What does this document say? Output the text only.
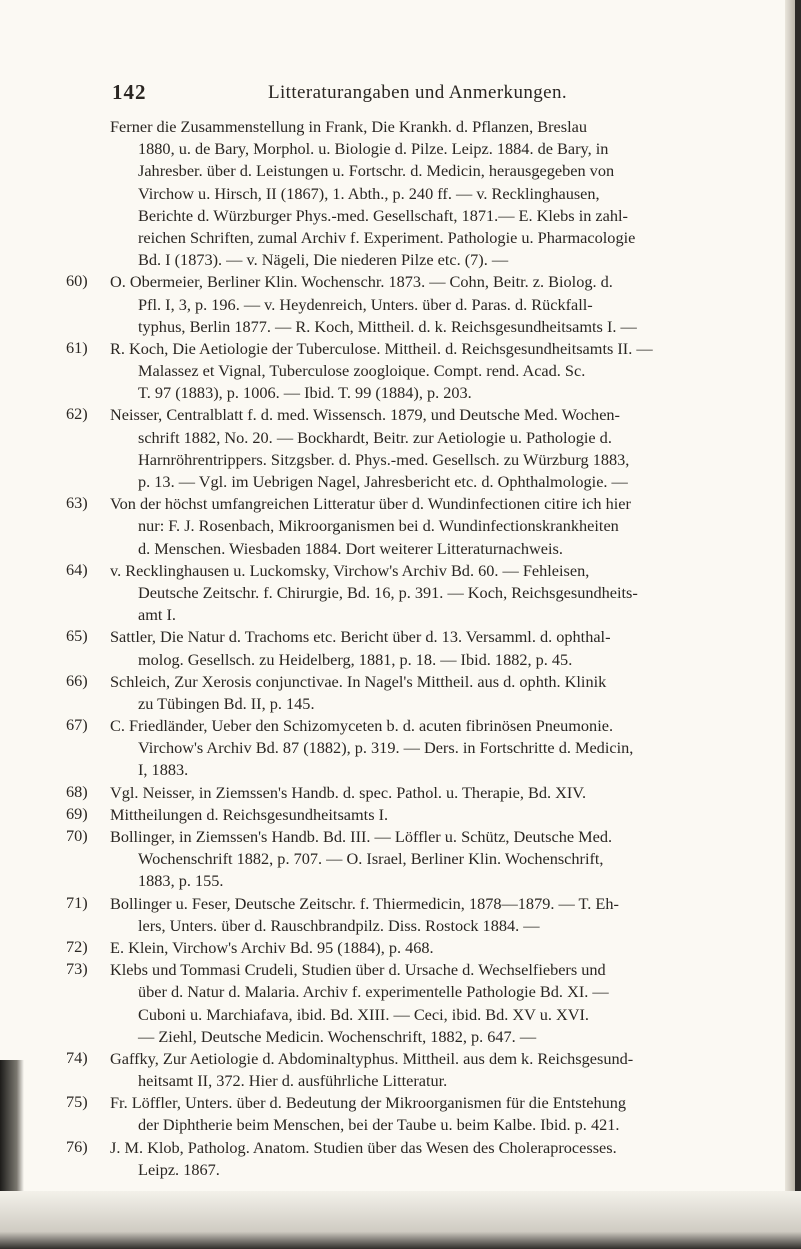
142	Litteraturangaben und Anmerkungen.
Ferner die Zusammenstellung in Frank, Die Krankh. d. Pflanzen, Breslau
1880, u. de Bary, Morphol. u. Biologie d. Pilze. Leipz. 1884. de Bary, in
Jahresber. über d. Leistungen u. Fortschr. d. Medicin, herausgegeben von
Virchow u. Hirsch, II (1867), 1. Abth., p. 240 ff. — v. Recklinghausen,
Berichte d. Würzburger Phys.-med. Gesellschaft, 1871.— E. Klebs in zahl-
reichen Schriften, zumal Archiv f. Experiment. Pathologie u. Pharmacologie
Bd. I (1873). — v. Nägeli, Die niederen Pilze etc. (7). —
60)	O. Obermeier, Berliner Klin. Wochenschr. 1873. — Cohn, Beitr. z. Biolog. d.
Pfl. I, 3, p. 196. — v. Heydenreich, Unters. über d. Paras. d. Rückfall-
typhus, Berlin 1877. — R. Koch, Mittheil. d. k. Reichsgesundheitsamts I. —
61)	R. Koch, Die Aetiologie der Tuberculose. Mittheil. d. Reichsgesundheitsamts II. —
Malassez et Vignal, Tuberculose zoogloique. Compt. rend. Acad. Sc.
T. 97 (1883), p. 1006. — Ibid. T. 99 (1884), p. 203.
62)	Neisser, Centralblatt f. d. med. Wissensch. 1879, und Deutsche Med. Wochen-
schrift 1882, No. 20. — Bockhardt, Beitr. zur Aetiologie u. Pathologie d.
Harnröhrentrippers. Sitzgsber. d. Phys.-med. Gesellsch. zu Würzburg 1883,
p. 13. — Vgl. im Uebrigen Nagel, Jahresbericht etc. d. Ophthalmologie. —
63)	Von der höchst umfangreichen Litteratur über d. Wundinfectionen citire ich hier
nur: F. J. Rosenbach, Mikroorganismen bei d. Wundinfectionskrankheiten
d. Menschen. Wiesbaden 1884. Dort weiterer Litteraturnachweis.
64)	v. Recklinghausen u. Luckomsky, Virchow's Archiv Bd. 60. — Fehleisen,
Deutsche Zeitschr. f. Chirurgie, Bd. 16, p. 391. — Koch, Reichsgesundheits-
amt I.
65)	Sattler, Die Natur d. Trachoms etc. Bericht über d. 13. Versamml. d. ophthal-
molog. Gesellsch. zu Heidelberg, 1881, p. 18. — Ibid. 1882, p. 45.
66)	Schleich, Zur Xerosis conjunctivae. In Nagel's Mittheil. aus d. ophth. Klinik
zu Tübingen Bd. II, p. 145.
67)	C. Friedländer, Ueber den Schizomyceten b. d. acuten fibrinösen Pneumonie.
Virchow's Archiv Bd. 87 (1882), p. 319. — Ders. in Fortschritte d. Medicin,
I, 1883.
68)	Vgl. Neisser, in Ziemssen's Handb. d. spec. Pathol. u. Therapie, Bd. XIV.
69)	Mittheilungen d. Reichsgesundheitsamts I.
70)	Bollinger, in Ziemssen's Handb. Bd. III. — Löffler u. Schütz, Deutsche Med.
Wochenschrift 1882, p. 707. — O. Israel, Berliner Klin. Wochenschrift,
1883, p. 155.
71)	Bollinger u. Feser, Deutsche Zeitschr. f. Thiermedicin, 1878—1879. — T. Eh-
lers, Unters. über d. Rauschbrandpilz. Diss. Rostock 1884. —
72)	E. Klein, Virchow's Archiv Bd. 95 (1884), p. 468.
73)	Klebs und Tommasi Crudeli, Studien über d. Ursache d. Wechselfiebers und
über d. Natur d. Malaria. Archiv f. experimentelle Pathologie Bd. XI. —
Cuboni u. Marchiafava, ibid. Bd. XIII. — Ceci, ibid. Bd. XV u. XVI.
— Ziehl, Deutsche Medicin. Wochenschrift, 1882, p. 647. —
74)	Gaffky, Zur Aetiologie d. Abdominaltyphus. Mittheil. aus dem k. Reichsgesund-
heitsamt II, 372. Hier d. ausführliche Litteratur.
75)	Fr. Löffler, Unters. über d. Bedeutung der Mikroorganismen für die Entstehung
der Diphtherie beim Menschen, bei der Taube u. beim Kalbe. Ibid. p. 421.
76)	J. M. Klob, Patholog. Anatom. Studien über das Wesen des Choleraprocesses.
Leipz. 1867.
